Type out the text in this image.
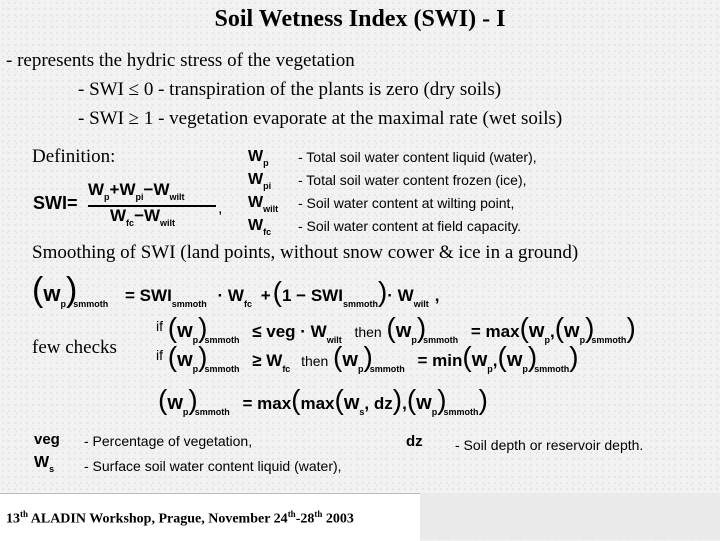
Soil Wetness Index (SWI) - I
- represents the hydric stress of the vegetation
- SWI ≤ 0 - transpiration of the plants is zero (dry soils)
- SWI ≥ 1 - vegetation evaporate at the maximal rate (wet soils)
Definition:
SWI=
$W_p+W_{pi}-W_{wilt}$
$W_{fc}-W_{wilt}$
,
$W_p$ - Total soil water content liquid (water),
$W_{pi}$ - Total soil water content frozen (ice),
$W_{wilt}$ - Soil water content at wilting point,
$W_{fc}$ - Soil water content at field capacity.
Smoothing of SWI (land points, without snow cower & ice in a ground)
$(w_p)_{smmoth} = SWI_{smmoth} \cdot W_{fc} +(1 - SWI_{smmoth})\cdot W_{wilt}$ ,
few checks
$^{if}$ $(w_p)_{smmoth}$ ≤ veg · $W_{wilt}$ then $(w_p)_{smmoth} = \max(w_p,(w_p)_{smmoth})$
$^{if}$ $(w_p)_{smmoth} \ge W_{fc}$ then $(w_p)_{smmoth} = \min(w_p,(w_p)_{smmoth})$
$(w_p)_{smmoth} = \max(\max(w_s$, $dz),(w_p)_{smmoth}$)
veg - Percentage of vegetation,
$W_s$ - Surface soil water content liquid (water),
dz - Soil depth or reservoir depth.
13th ALADIN Workshop, Prague, November 24th-28th 2003
